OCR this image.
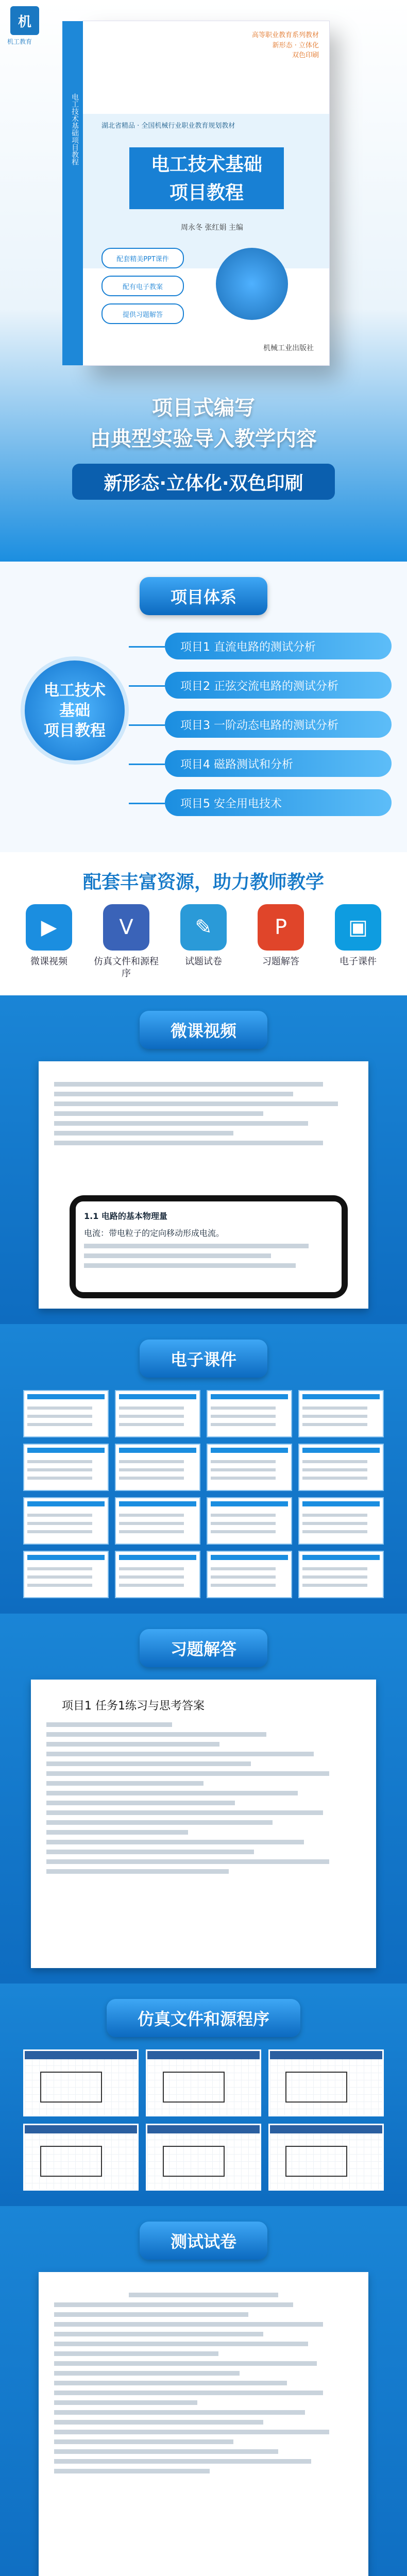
机
机工教育
电工技术基础项目教程
高等职业教育系列教材
新形态 · 立体化
双色印刷
湖北省精品 · 全国机械行业职业教育规划教材
电工技术基础
项目教程
周永冬 张红娟 主编
配套精美PPT课件
配有电子教案
提供习题解答
机械工业出版社
项目式编写
由典型实验导入教学内容
新形态·立体化·双色印刷
项目体系
电工技术
基础
项目教程
项目1 直流电路的测试分析
项目2 正弦交流电路的测试分析
项目3 一阶动态电路的测试分析
项目4 磁路测试和分析
项目5 安全用电技术
配套丰富资源，助力教师教学
▶
微课视频
V
仿真文件和源程序
✎
试题试卷
P
习题解答
▣
电子课件
微课视频
1.1 电路的基本物理量
电流：带电粒子的定向移动形成电流。
电子课件
习题解答
项目1 任务1练习与思考答案
仿真文件和源程序
测试试卷
